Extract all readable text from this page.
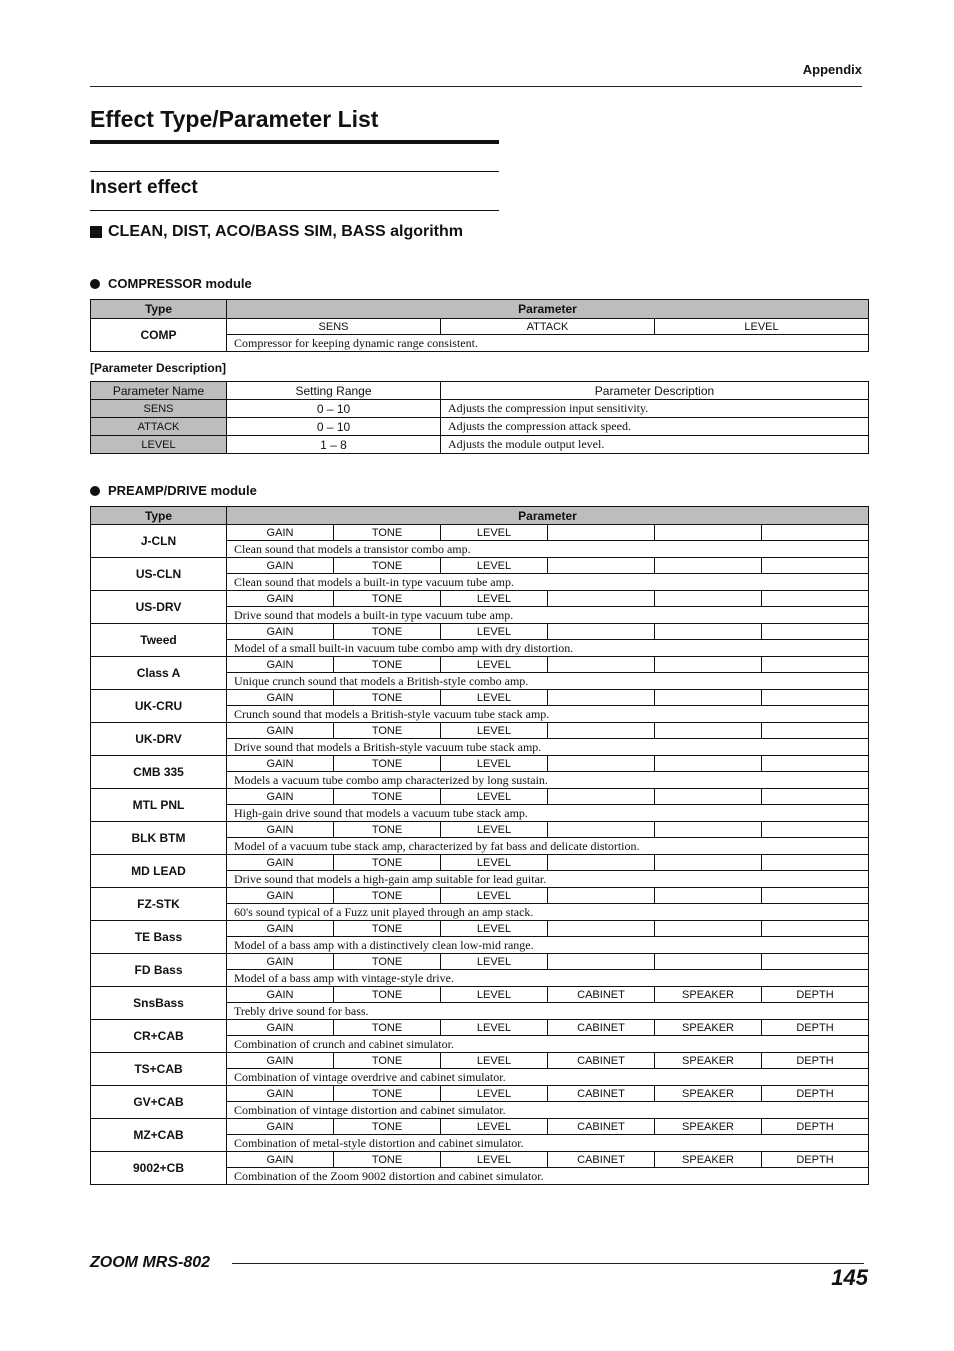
Appendix
Effect Type/Parameter List
Insert effect
CLEAN, DIST, ACO/BASS SIM, BASS algorithm
COMPRESSOR module
Type	Parameter		
COMP	SENS	ATTACK	LEVEL
	Compressor for keeping dynamic range consistent.		
[Parameter Description]
Parameter Name	Setting Range	Parameter Description
SENS	0 – 10	Adjusts the compression input sensitivity.
ATTACK	0 – 10	Adjusts the compression attack speed.
LEVEL	1 – 8	Adjusts the module output level.
PREAMP/DRIVE module
Type	Parameter					
J-CLN	GAIN	TONE	LEVEL			
	Clean sound that models a transistor combo amp.					
US-CLN	GAIN	TONE	LEVEL			
	Clean sound that models a built-in type vacuum tube amp.					
US-DRV	GAIN	TONE	LEVEL			
	Drive sound that models a built-in type vacuum tube amp.					
Tweed	GAIN	TONE	LEVEL			
	Model of a small built-in vacuum tube combo amp with dry distortion.					
Class A	GAIN	TONE	LEVEL			
	Unique crunch sound that models a British-style combo amp.					
UK-CRU	GAIN	TONE	LEVEL			
	Crunch sound that models a British-style vacuum tube stack amp.					
UK-DRV	GAIN	TONE	LEVEL			
	Drive sound that models a British-style vacuum tube stack amp.					
CMB 335	GAIN	TONE	LEVEL			
	Models a vacuum tube combo amp characterized by long sustain.					
MTL PNL	GAIN	TONE	LEVEL			
	High-gain drive sound that models a vacuum tube stack amp.					
BLK BTM	GAIN	TONE	LEVEL			
	Model of a vacuum tube stack amp, characterized by fat bass and delicate distortion.					
MD LEAD	GAIN	TONE	LEVEL			
	Drive sound that models a high-gain amp suitable for lead guitar.					
FZ-STK	GAIN	TONE	LEVEL			
	60's sound typical of a Fuzz unit played through an amp stack.					
TE Bass	GAIN	TONE	LEVEL			
	Model of a bass amp with a distinctively clean low-mid range.					
FD Bass	GAIN	TONE	LEVEL			
	Model of a bass amp with vintage-style drive.					
SnsBass	GAIN	TONE	LEVEL	CABINET	SPEAKER	DEPTH
	Trebly drive sound for bass.					
CR+CAB	GAIN	TONE	LEVEL	CABINET	SPEAKER	DEPTH
	Combination of crunch and cabinet simulator.					
TS+CAB	GAIN	TONE	LEVEL	CABINET	SPEAKER	DEPTH
	Combination of vintage overdrive and cabinet simulator.					
GV+CAB	GAIN	TONE	LEVEL	CABINET	SPEAKER	DEPTH
	Combination of vintage distortion and cabinet simulator.					
MZ+CAB	GAIN	TONE	LEVEL	CABINET	SPEAKER	DEPTH
	Combination of metal-style distortion and cabinet simulator.					
9002+CB	GAIN	TONE	LEVEL	CABINET	SPEAKER	DEPTH
	Combination of the Zoom 9002 distortion and cabinet simulator.					
ZOOM MRS-802
145
